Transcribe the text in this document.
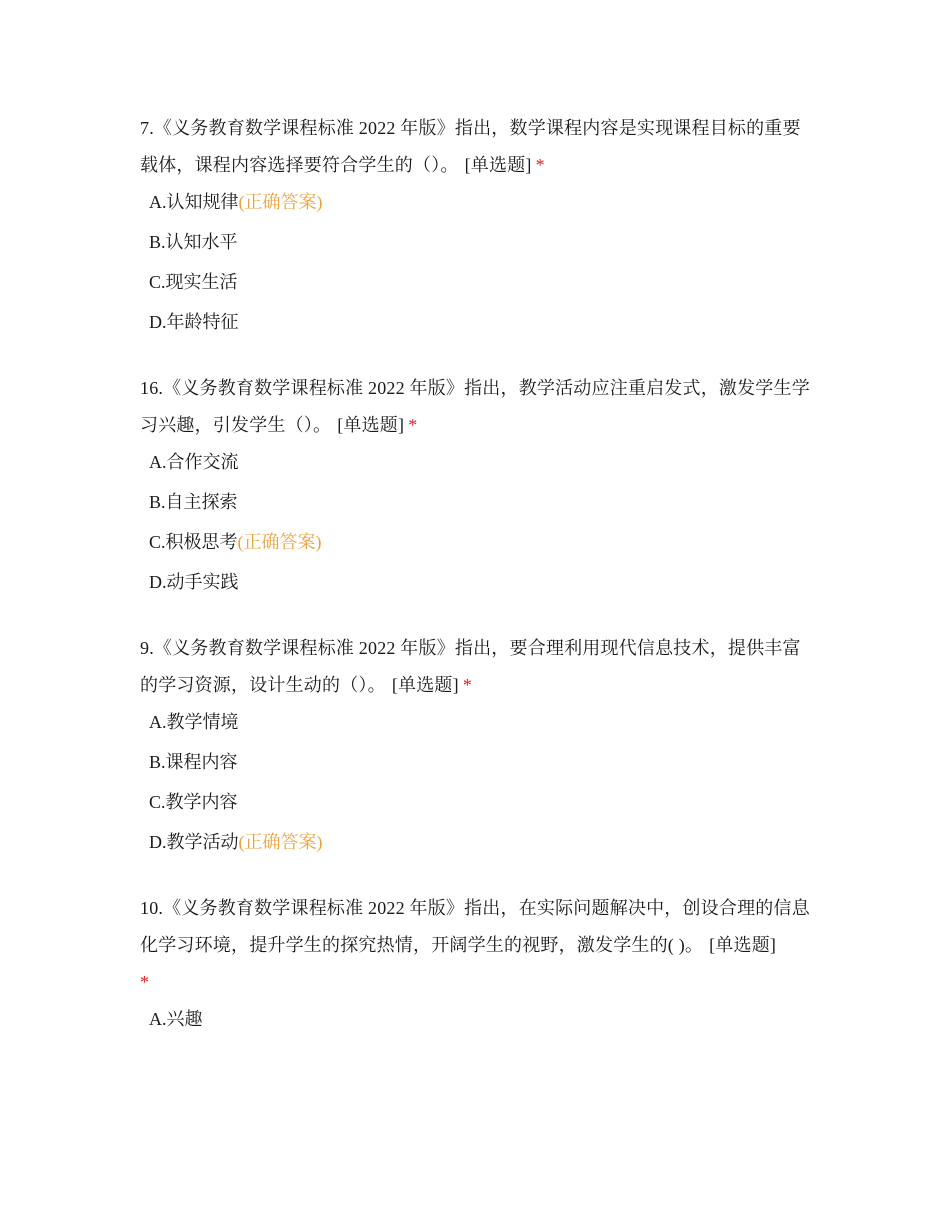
7.《义务教育数学课程标准 2022 年版》指出，数学课程内容是实现课程目标的重要载体，课程内容选择要符合学生的（）。 [单选题] *

A.认知规律(正确答案)
B.认知水平
C.现实生活
D.年龄特征

16.《义务教育数学课程标准 2022 年版》指出，教学活动应注重启发式，激发学生学习兴趣，引发学生（）。 [单选题] *

A.合作交流
B.自主探索
C.积极思考(正确答案)
D.动手实践

9.《义务教育数学课程标准 2022 年版》指出，要合理利用现代信息技术，提供丰富的学习资源，设计生动的（）。 [单选题] *

A.教学情境
B.课程内容
C.教学内容
D.教学活动(正确答案)

10.《义务教育数学课程标准 2022 年版》指出，在实际问题解决中，创设合理的信息化学习环境，提升学生的探究热情，开阔学生的视野，激发学生的( )。 [单选题]
*

A.兴趣
